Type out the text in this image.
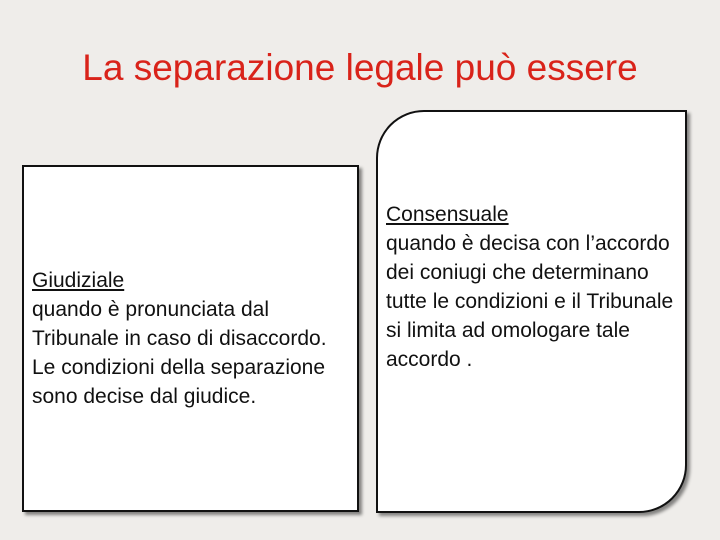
La separazione legale può essere
Giudiziale
quando è pronunciata dal Tribunale in caso di disaccordo. Le condizioni della separazione sono decise dal giudice.
Consensuale
quando è decisa con l’accordo dei coniugi che determinano tutte le condizioni e il Tribunale si limita ad omologare tale accordo .
